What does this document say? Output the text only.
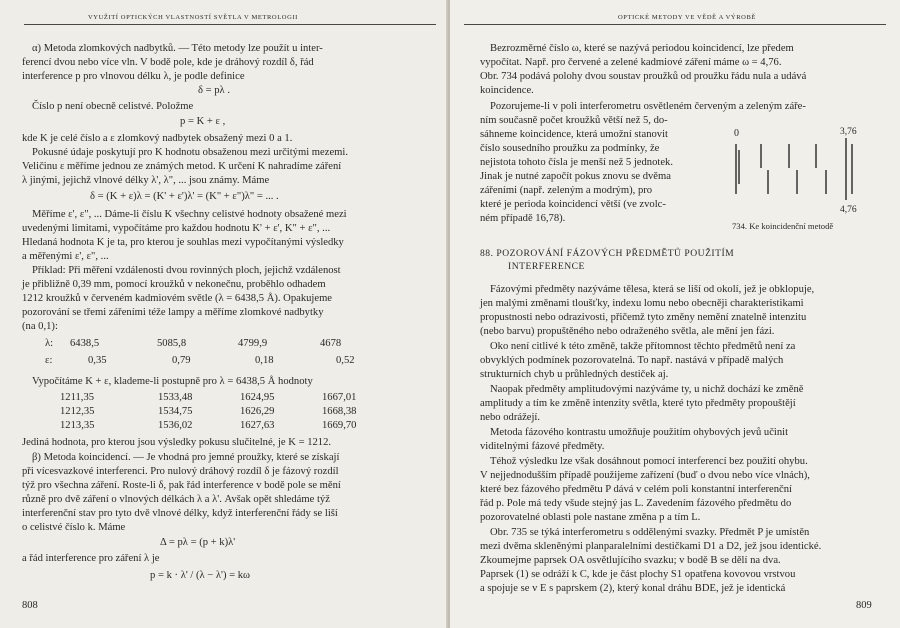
VYUŽITÍ OPTICKÝCH VLASTNOSTÍ SVĚTLA V METROLOGII
α) Metoda zlomkových nadbytků. — Této metody lze použít u inter-
ferencí dvou nebo více vln. V bodě pole, kde je dráhový rozdíl δ, řád
interference p pro vlnovou délku λ, je podle definice
δ = pλ .
Číslo p není obecně celistvé. Položme
p = K + ε ,
kde K je celé číslo a ε zlomkový nadbytek obsažený mezi 0 a 1.
Pokusné údaje poskytují pro K hodnotu obsaženou mezi určitými mezemi.
Veličinu ε měříme jednou ze známých metod. K určení K nahradíme záření
λ jinými, jejichž vlnové délky λ', λ", ... jsou známy. Máme
δ = (K + ε)λ = (K' + ε')λ' = (K" + ε")λ" = ... .
Měříme ε', ε", ... Dáme-li číslu K všechny celistvé hodnoty obsažené mezi
uvedenými limitami, vypočítáme pro každou hodnotu K' + ε', K" + ε", ...
Hledaná hodnota K je ta, pro kterou je souhlas mezi vypočítanými výsledky
a měřenými ε', ε", ...
Příklad: Při měření vzdálenosti dvou rovinných ploch, jejichž vzdálenost
je přibližně 0,39 mm, pomocí kroužků v nekonečnu, proběhlo odhadem
1212 kroužků v červeném kadmiovém světle (λ = 6438,5 Å). Opakujeme
pozorování se třemi zářeními téže lampy a měříme zlomkové nadbytky
(na 0,1):
λ: 6438,5	5085,8	4799,9	4678
ε:	0,35	0,79	0,18	0,52
Vypočítáme K + ε, klademe-li postupně pro λ = 6438,5 Å hodnoty
1211,35	1533,48	1624,95	1667,01
1212,35	1534,75	1626,29	1668,38
1213,35	1536,02	1627,63	1669,70
Jediná hodnota, pro kterou jsou výsledky pokusu slučitelné, je K = 1212.
β) Metoda koincidencí. — Je vhodná pro jemné proužky, které se získají
při vícesvazkové interferenci. Pro nulový dráhový rozdíl δ je fázový rozdíl
týž pro všechna záření. Roste-li δ, pak řád interference v bodě pole se mění
různě pro dvě záření o vlnových délkách λ a λ'. Avšak opět shledáme týž
interferenční stav pro tyto dvě vlnové délky, když interferenční řády se liší
o celistvé číslo k. Máme
Δ = pλ = (p + k)λ'
a řád interference pro záření λ je
p = k · λ' / (λ − λ') = kω
808
OPTICKÉ METODY VE VĚDĚ A VÝROBĚ
Bezrozměrné číslo ω, které se nazývá periodou koincidencí, lze předem
vypočítat. Např. pro červené a zelené kadmiové záření máme ω = 4,76.
Obr. 734 podává polohy dvou soustav proužků od proužku řádu nula a udává
koincidence.
Pozorujeme-li v poli interferometru osvětleném červeným a zeleným záře-
ním současně počet kroužků větší než 5, do-
sáhneme koincidence, která umožní stanovit
číslo sousedního proužku za podmínky, že
nejistota tohoto čísla je menší než 5 jednotek.
Jinak je nutné započít pokus znovu se dvěma
zářeními (např. zeleným a modrým), pro
které je perioda koincidencí větší (ve zvolc-
ném případě 16,78).
0	3,76
4,76
734. Ke koincidenční metodě
88. POZOROVÁNÍ FÁZOVÝCH PŘEDMĚTŮ POUŽITÍM
INTERFERENCE
Fázovými předměty nazýváme tělesa, která se liší od okolí, jež je obklopuje,
jen malými změnami tloušťky, indexu lomu nebo obecněji charakteristikami
propustnosti nebo odrazivosti, přičemž tyto změny nemění znatelně intenzitu
(nebo barvu) propuštěného nebo odraženého světla, ale mění jen fázi.
Oko není citlivé k této změně, takže přítomnost těchto předmětů není za
obvyklých podmínek pozorovatelná. To např. nastává v případě malých
strukturních chyb u průhledných destiček aj.
Naopak předměty amplitudovými nazýváme ty, u nichž dochází ke změně
amplitudy a tím ke změně intenzity světla, které tyto předměty propouštějí
nebo odrážejí.
Metoda fázového kontrastu umožňuje použitím ohybových jevů učinit
viditelnými fázové předměty.
Téhož výsledku lze však dosáhnout pomocí interferencí bez použití ohybu.
V nejjednodušším případě použijeme zařízení (buď o dvou nebo více vlnách),
které bez fázového předmětu P dává v celém poli konstantní interferenční
řád p. Pole má tedy všude stejný jas L. Zavedením fázového předmětu do
pozorovatelné oblasti pole nastane změna p a tím L.
Obr. 735 se týká interferometru s oddělenými svazky. Předmět P je umístěn
mezi dvěma skleněnými planparalelními destičkami D1 a D2, jež jsou identické.
Zkoumejme paprsek OA osvětlujícího svazku; v bodě B se dělí na dva.
Paprsek (1) se odráží k C, kde je část plochy S1 opatřena kovovou vrstvou
a spojuje se v E s paprskem (2), který konal dráhu BDE, jež je identická
809
